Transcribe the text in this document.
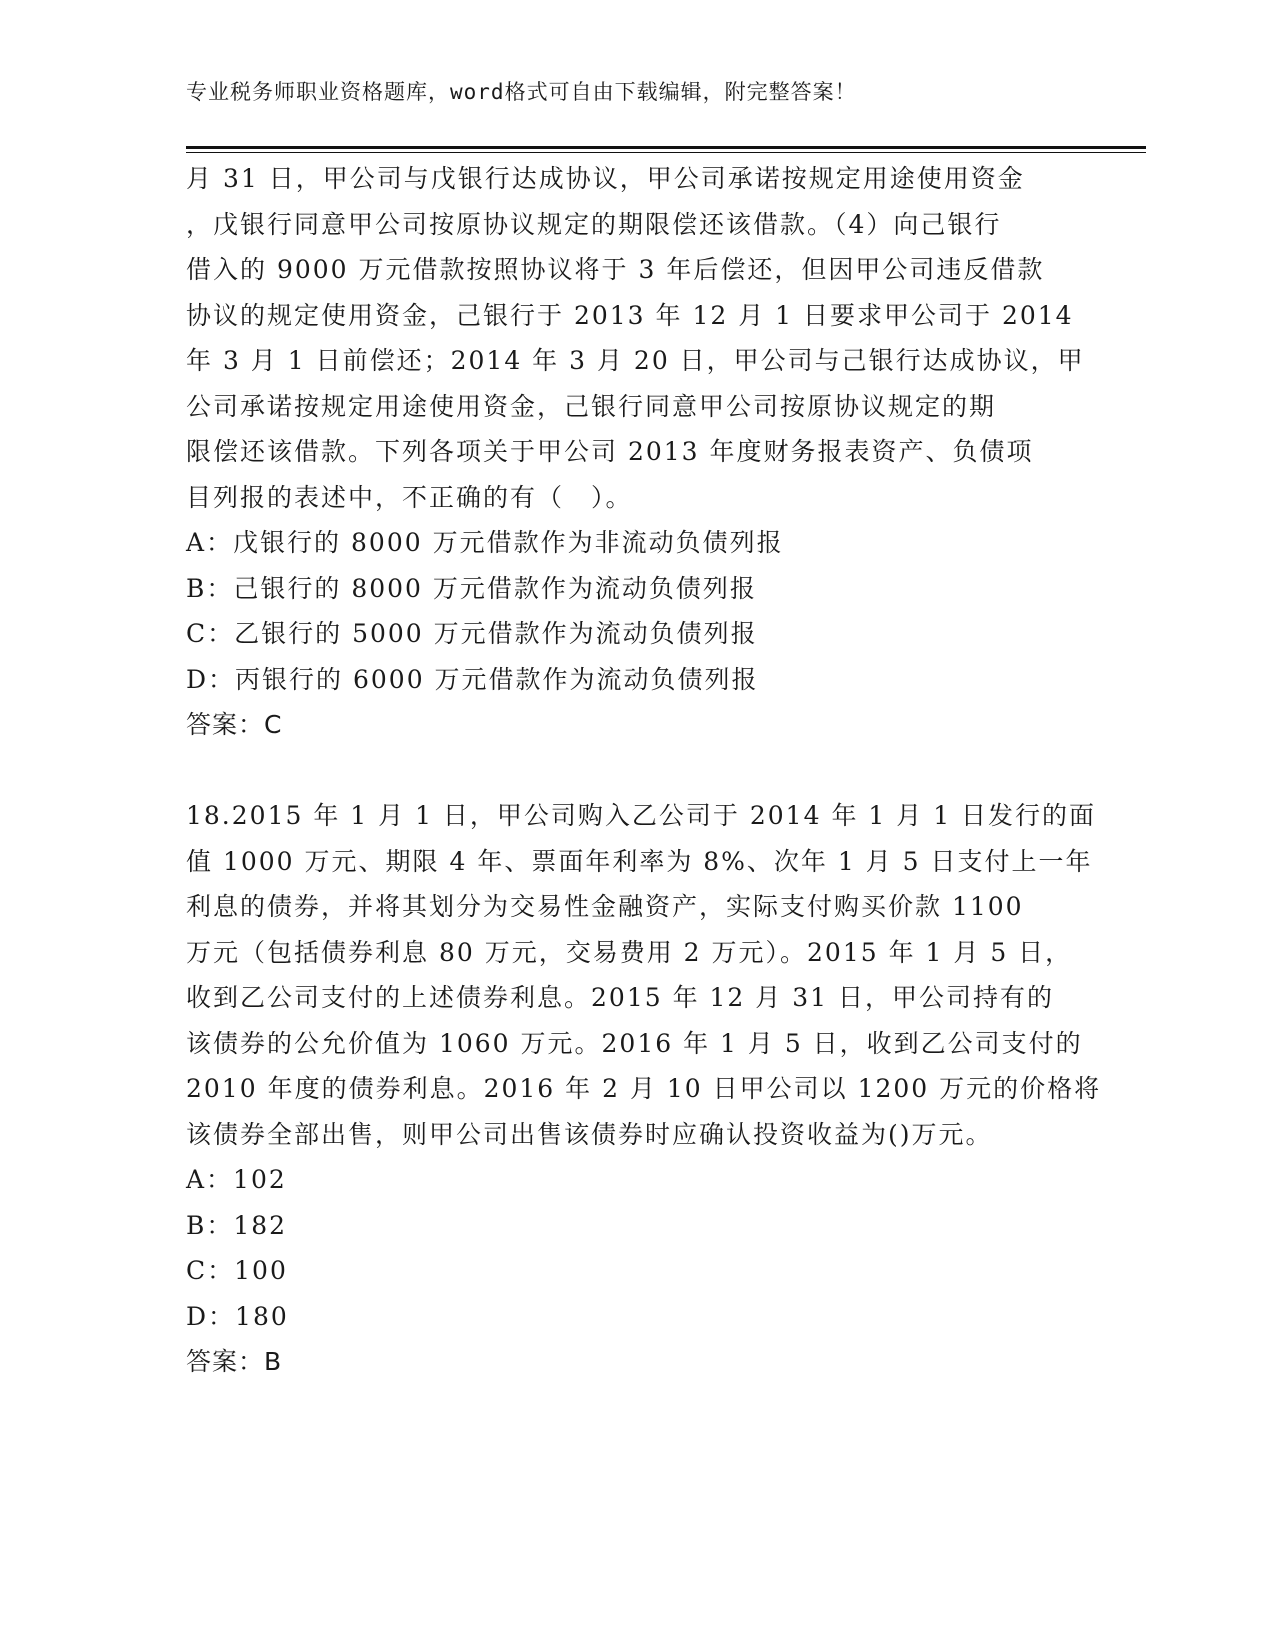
专业税务师职业资格题库，word格式可自由下载编辑，附完整答案！
月 31 日，甲公司与戊银行达成协议，甲公司承诺按规定用途使用资金
，戊银行同意甲公司按原协议规定的期限偿还该借款。（4）向己银行
借入的 9000 万元借款按照协议将于 3 年后偿还，但因甲公司违反借款
协议的规定使用资金，己银行于 2013 年 12 月 1 日要求甲公司于 2014
年 3 月 1 日前偿还；2014 年 3 月 20 日，甲公司与己银行达成协议，甲
公司承诺按规定用途使用资金，己银行同意甲公司按原协议规定的期
限偿还该借款。下列各项关于甲公司 2013 年度财务报表资产、负债项
目列报的表述中，不正确的有（　）。
A：戊银行的 8000 万元借款作为非流动负债列报
B：己银行的 8000 万元借款作为流动负债列报
C：乙银行的 5000 万元借款作为流动负债列报
D：丙银行的 6000 万元借款作为流动负债列报
答案：C
18.2015 年 1 月 1 日，甲公司购入乙公司于 2014 年 1 月 1 日发行的面
值 1000 万元、期限 4 年、票面年利率为 8%、次年 1 月 5 日支付上一年
利息的债券，并将其划分为交易性金融资产，实际支付购买价款 1100
万元（包括债券利息 80 万元，交易费用 2 万元）。2015 年 1 月 5 日，
收到乙公司支付的上述债券利息。2015 年 12 月 31 日，甲公司持有的
该债券的公允价值为 1060 万元。2016 年 1 月 5 日，收到乙公司支付的
2010 年度的债券利息。2016 年 2 月 10 日甲公司以 1200 万元的价格将
该债券全部出售，则甲公司出售该债券时应确认投资收益为()万元。
A：102
B：182
C：100
D：180
答案：B
